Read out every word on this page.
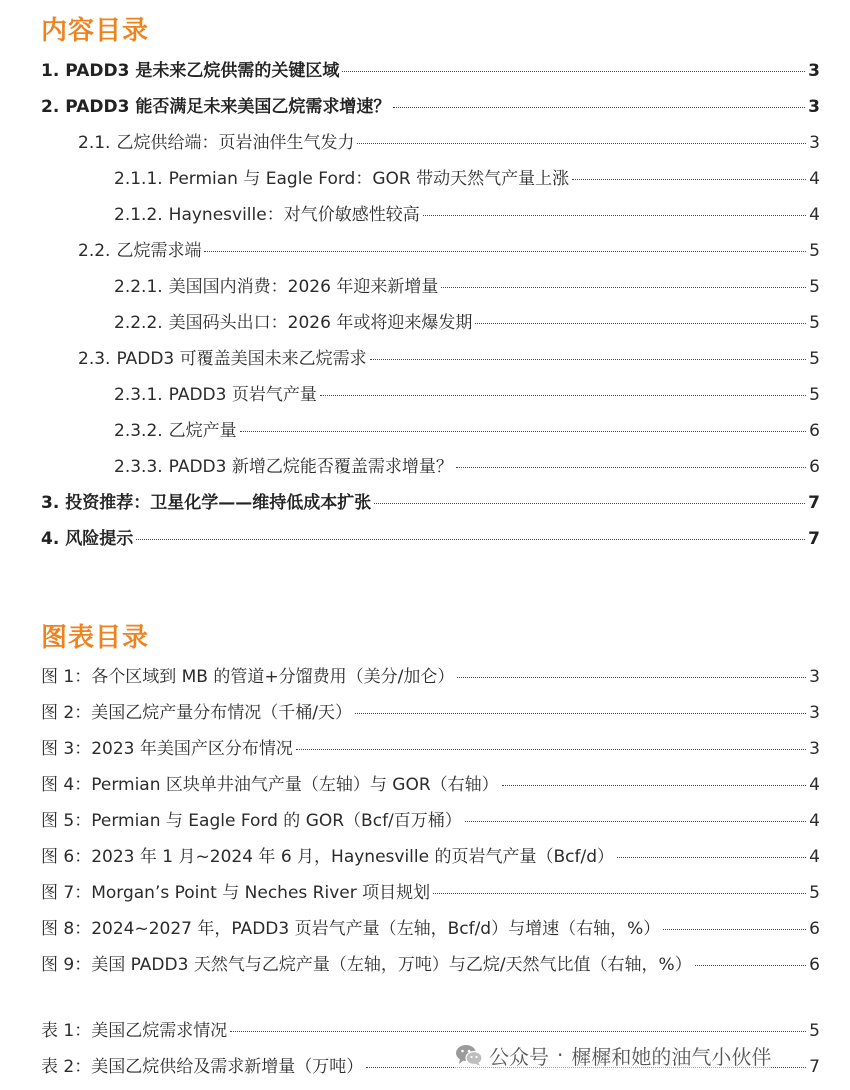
内容目录
1. PADD3 是未来乙烷供需的关键区域	3
2. PADD3 能否满足未来美国乙烷需求增速？	3
2.1. 乙烷供给端：页岩油伴生气发力	3
2.1.1. Permian 与 Eagle Ford：GOR 带动天然气产量上涨	4
2.1.2. Haynesville：对气价敏感性较高	4
2.2. 乙烷需求端	5
2.2.1. 美国国内消费：2026 年迎来新增量	5
2.2.2. 美国码头出口：2026 年或将迎来爆发期	5
2.3. PADD3 可覆盖美国未来乙烷需求	5
2.3.1. PADD3 页岩气产量	5
2.3.2. 乙烷产量	6
2.3.3. PADD3 新增乙烷能否覆盖需求增量？	6
3. 投资推荐：卫星化学——维持低成本扩张	7
4. 风险提示	7
图表目录
图 1：各个区域到 MB 的管道+分馏费用（美分/加仑）	3
图 2：美国乙烷产量分布情况（千桶/天）	3
图 3：2023 年美国产区分布情况	3
图 4：Permian 区块单井油气产量（左轴）与 GOR（右轴）	4
图 5：Permian 与 Eagle Ford 的 GOR（Bcf/百万桶）	4
图 6：2023 年 1 月~2024 年 6 月，Haynesville 的页岩气产量（Bcf/d）	4
图 7：Morgan’s Point 与 Neches River 项目规划	5
图 8：2024~2027 年，PADD3 页岩气产量（左轴，Bcf/d）与增速（右轴，%）	6
图 9：美国 PADD3 天然气与乙烷产量（左轴，万吨）与乙烷/天然气比值（右轴，%）	6
表 1：美国乙烷需求情况	5
表 2：美国乙烷供给及需求新增量（万吨）	7
公众号 · 樨樨和她的油气小伙伴
